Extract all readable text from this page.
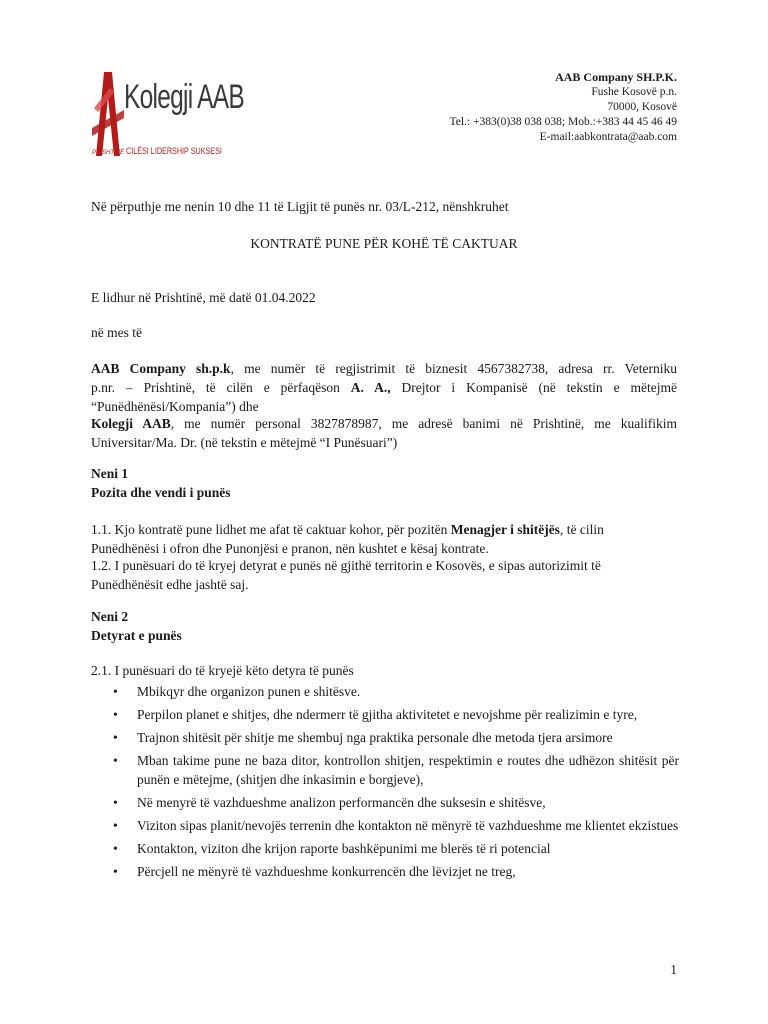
Kolegji AAB
CILËSI LIDERSHIP SUKSESI
PRISHTINË
AAB Company SH.P.K.
Fushe Kosovë p.n.
70000, Kosovë
Tel.: +383(0)38 038 038; Mob.:+383 44 45 46 49
E-mail:aabkontrata@aab.com
Në përputhje me nenin 10 dhe 11 të Ligjit të punës nr. 03/L-212, nënshkruhet
KONTRATË PUNE PËR KOHË TË CAKTUAR
E lidhur në Prishtinë, më datë 01.04.2022
në mes të
AAB Company sh.p.k, me numër të regjistrimit të biznesit 4567382738, adresa rr. Veterniku
p.nr. – Prishtinë, të cilën e përfaqëson A. A., Drejtor i Kompanisë (në tekstin e mëtejmë
“Punëdhënësi/Kompania”) dhe
Kolegji AAB, me numër personal 3827878987, me adresë banimi në Prishtinë, me kualifikim
Universitar/Ma. Dr. (në tekstin e mëtejmë “I Punësuari”)
Neni 1
Pozita dhe vendi i punës
1.1. Kjo kontratë pune lidhet me afat të caktuar kohor, për pozitën Menagjer i shitëjës, të cilin
Punëdhënësi i ofron dhe Punonjësi e pranon, nën kushtet e kësaj kontrate.
1.2. I punësuari do të kryej detyrat e punës në gjithë territorin e Kosovës, e sipas autorizimit të
Punëdhënësit edhe jashtë saj.
Neni 2
Detyrat e punës
2.1. I punësuari do të kryejë këto detyra të punës
• Mbikqyr dhe organizon punen e shitësve.
• Perpilon planet e shitjes, dhe ndermerr të gjitha aktivitetet e nevojshme për realizimin e tyre,
• Trajnon shitësit për shitje me shembuj nga praktika personale dhe metoda tjera arsimore
• Mban takime pune ne baza ditor, kontrollon shitjen, respektimin e routes dhe udhëzon shitësit për punën e mëtejme, (shitjen dhe inkasimin e borgjeve),
• Në menyrë të vazhdueshme analizon performancën dhe suksesin e shitësve,
• Viziton sipas planit/nevojës terrenin dhe kontakton në mënyrë të vazhdueshme me klientet ekzistues
• Kontakton, viziton dhe krijon raporte bashkëpunimi me blerës të ri potencial
• Përcjell ne mënyrë të vazhdueshme konkurrencën dhe lëvizjet ne treg,
1
